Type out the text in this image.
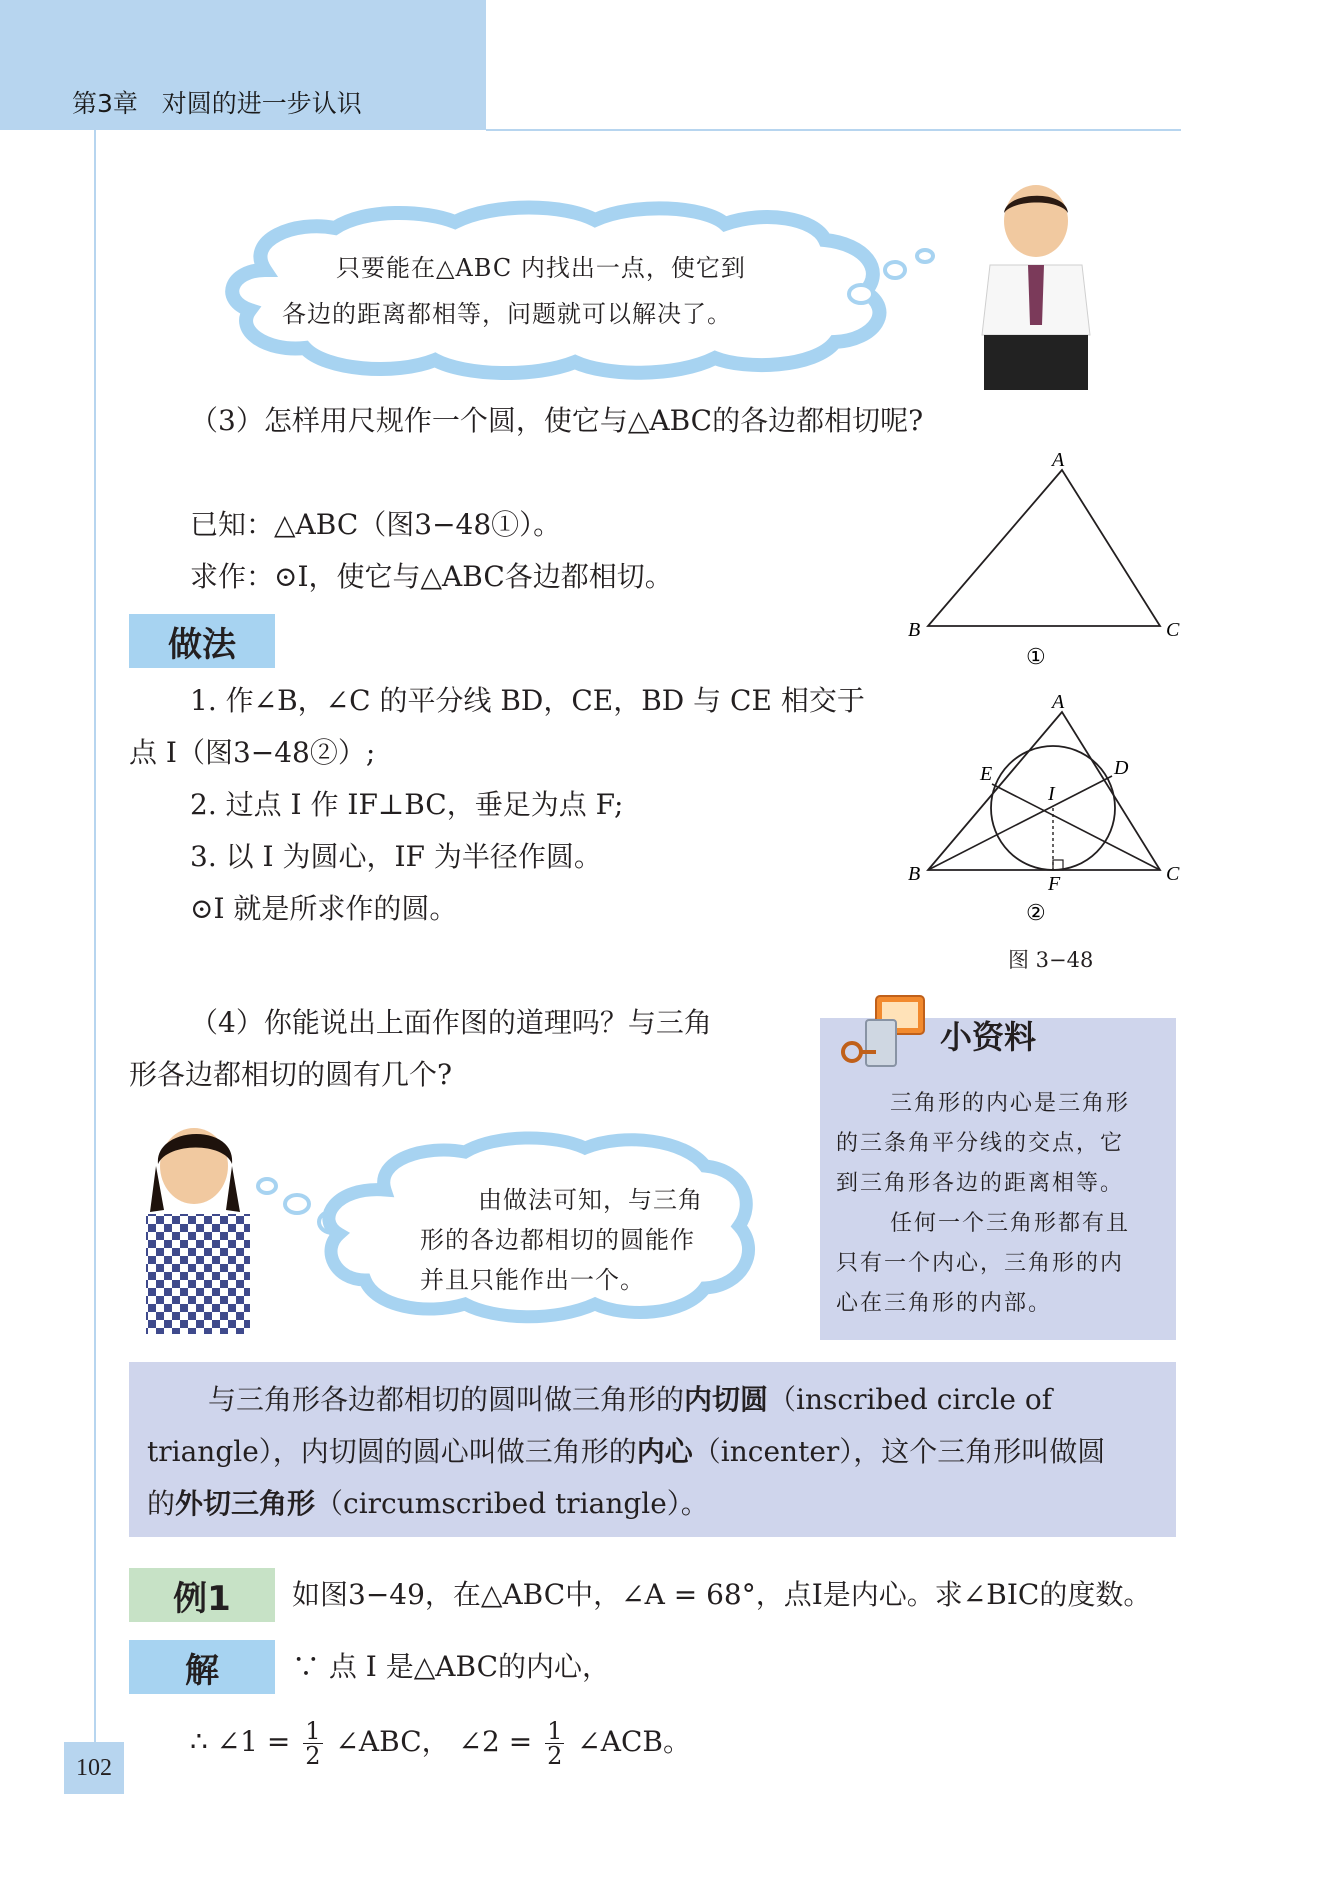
第3章 对圆的进一步认识
只要能在△ABC 内找出一点，使它到
各边的距离都相等，问题就可以解决了。
（3）怎样用尺规作一个圆，使它与△ABC的各边都相切呢?
已知：△ABC（图3−48①）。
求作：⊙I，使它与△ABC各边都相切。
做法
1. 作∠B，∠C 的平分线 BD，CE，BD 与 CE 相交于
点 I（图3−48②）;
2. 过点 I 作 IF⊥BC，垂足为点 F;
3. 以 I 为圆心，IF 为半径作圆。
⊙I 就是所求作的圆。
A
B	C
①
A
B	C
D
E
I
F
②
图 3−48
（4）你能说出上面作图的道理吗？与三角
形各边都相切的圆有几个?
由做法可知，与三角
形的各边都相切的圆能作
并且只能作出一个。
小资料
三角形的内心是三角形
的三条角平分线的交点，它
到三角形各边的距离相等。
任何一个三角形都有且
只有一个内心，三角形的内
心在三角形的内部。
与三角形各边都相切的圆叫做三角形的内切圆（inscribed circle of
triangle），内切圆的圆心叫做三角形的内心（incenter），这个三角形叫做圆
的外切三角形（circumscribed triangle）。
例1	如图3−49，在△ABC中，∠A = 68°，点I是内心。求∠BIC的度数。
解	∵ 点 I 是△ABC的内心，
∴ ∠1 = $\frac{1}{2}$ ∠ABC， ∠2 = $\frac{1}{2}$ ∠ACB。
102
